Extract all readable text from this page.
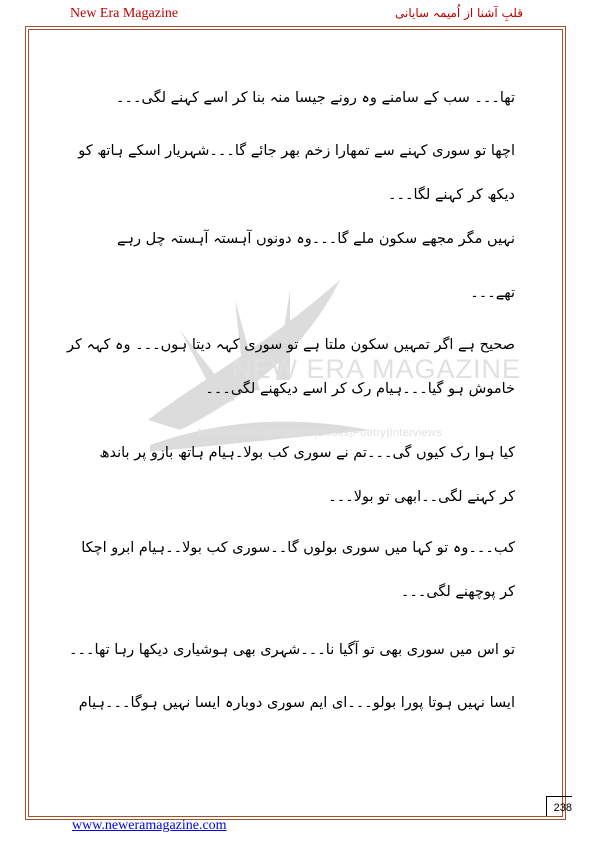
New Era Magazine	قلبِ آشنا از اُمیمہ سایانی
NEW ERA MAGAZINE
Novels|Afsana|Articles|Books|Poetry|Interviews
تھا۔۔۔ سب کے سامنے وہ رونے جیسا منہ بنا کر اسے کہنے لگی۔۔۔
اچھا تو سوری کہنے سے تمھارا زخم بھر جائے گا۔۔۔شہریار اسکے ہاتھ کو
دیکھ کر کہنے لگا۔۔۔
نہیں مگر مجھے سکون ملے گا۔۔۔وہ دونوں آہستہ آہستہ چل رہے
تھے۔۔۔
صحیح ہے اگر تمہیں سکون ملتا ہے تو سوری کہہ دیتا ہوں۔۔۔ وہ کہہ کر
خاموش ہو گیا۔۔۔ہیام رک کر اسے دیکھنے لگی۔۔۔
کیا ہوا رک کیوں گی۔۔۔تم نے سوری کب بولا۔ہیام ہاتھ بازو پر باندھ
کر کہنے لگی۔۔ابھی تو بولا۔۔۔
کب۔۔۔وہ تو کہا میں سوری بولوں گا۔۔سوری کب بولا۔۔ہیام ابرو اچکا
کر پوچھنے لگی۔۔۔
تو اس میں سوری بھی تو آگیا نا۔۔۔شہری بھی ہوشیاری دیکھا رہا تھا۔۔۔
ایسا نہیں ہوتا پورا بولو۔۔۔ای ایم سوری دوبارہ ایسا نہیں ہوگا۔۔۔ہیام
238
www.neweramagazine.com
